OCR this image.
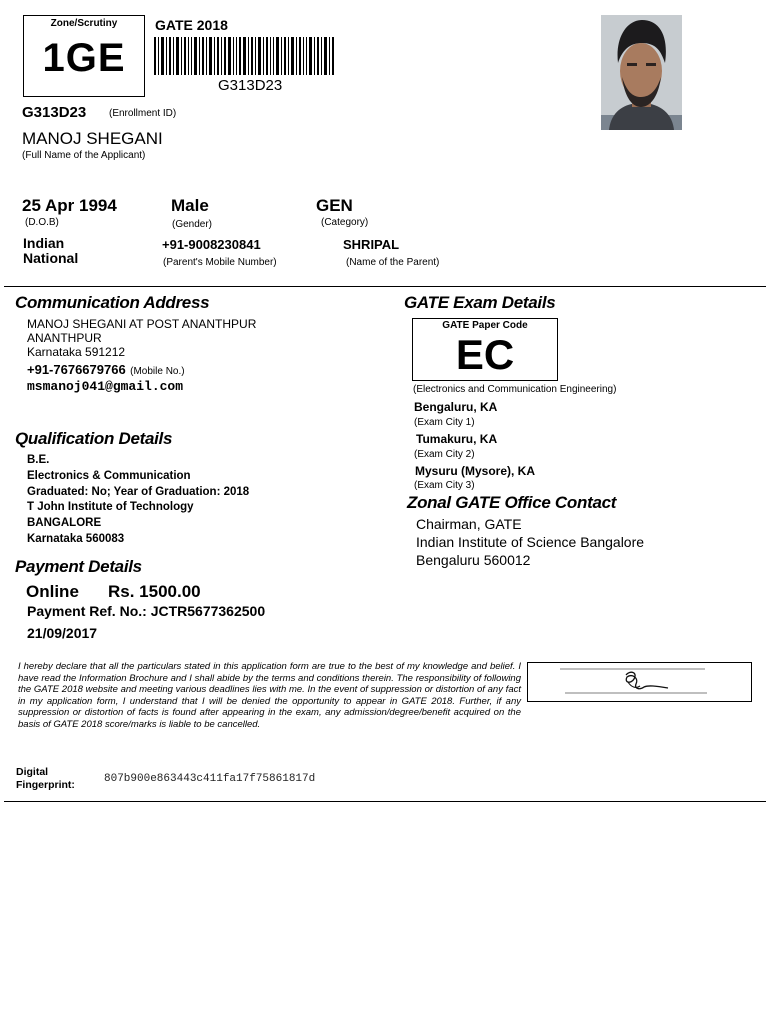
Zone/Scrutiny
1GE
GATE 2018
G313D23
G313D23 (Enrollment ID)
MANOJ SHEGANI
(Full Name of the Applicant)
25 Apr 1994
(D.O.B)
Male
(Gender)
GEN
(Category)
Indian
National
+91-9008230841
(Parent's Mobile Number)
SHRIPAL
(Name of the Parent)
Communication Address
MANOJ SHEGANI AT POST ANANTHPUR
ANANTHPUR
Karnataka 591212
+91-7676679766 (Mobile No.)
msmanoj041@gmail.com
GATE Exam Details
GATE Paper Code
EC
(Electronics and Communication Engineering)
Bengaluru, KA
(Exam City 1)
Tumakuru, KA
(Exam City 2)
Mysuru (Mysore), KA
(Exam City 3)
Qualification Details
B.E.
Electronics & Communication
Graduated: No; Year of Graduation: 2018
T John Institute of Technology
BANGALORE
Karnataka 560083
Zonal GATE Office Contact
Chairman, GATE
Indian Institute of Science Bangalore
Bengaluru 560012
Payment Details
Online Rs. 1500.00
Payment Ref. No.: JCTR5677362500
21/09/2017
I hereby declare that all the particulars stated in this application form are true to the best of my knowledge and belief. I have read the Information Brochure and I shall abide by the terms and conditions therein. The responsibility of following the GATE 2018 website and meeting various deadlines lies with me. In the event of suppression or distortion of any fact in my application form, I understand that I will be denied the opportunity to appear in GATE 2018. Further, if any suppression or distortion of facts is found after appearing in the exam, any admission/degree/benefit acquired on the basis of GATE 2018 score/marks is liable to be cancelled.
Digital
Fingerprint:	807b900e863443c411fa17f75861817d
